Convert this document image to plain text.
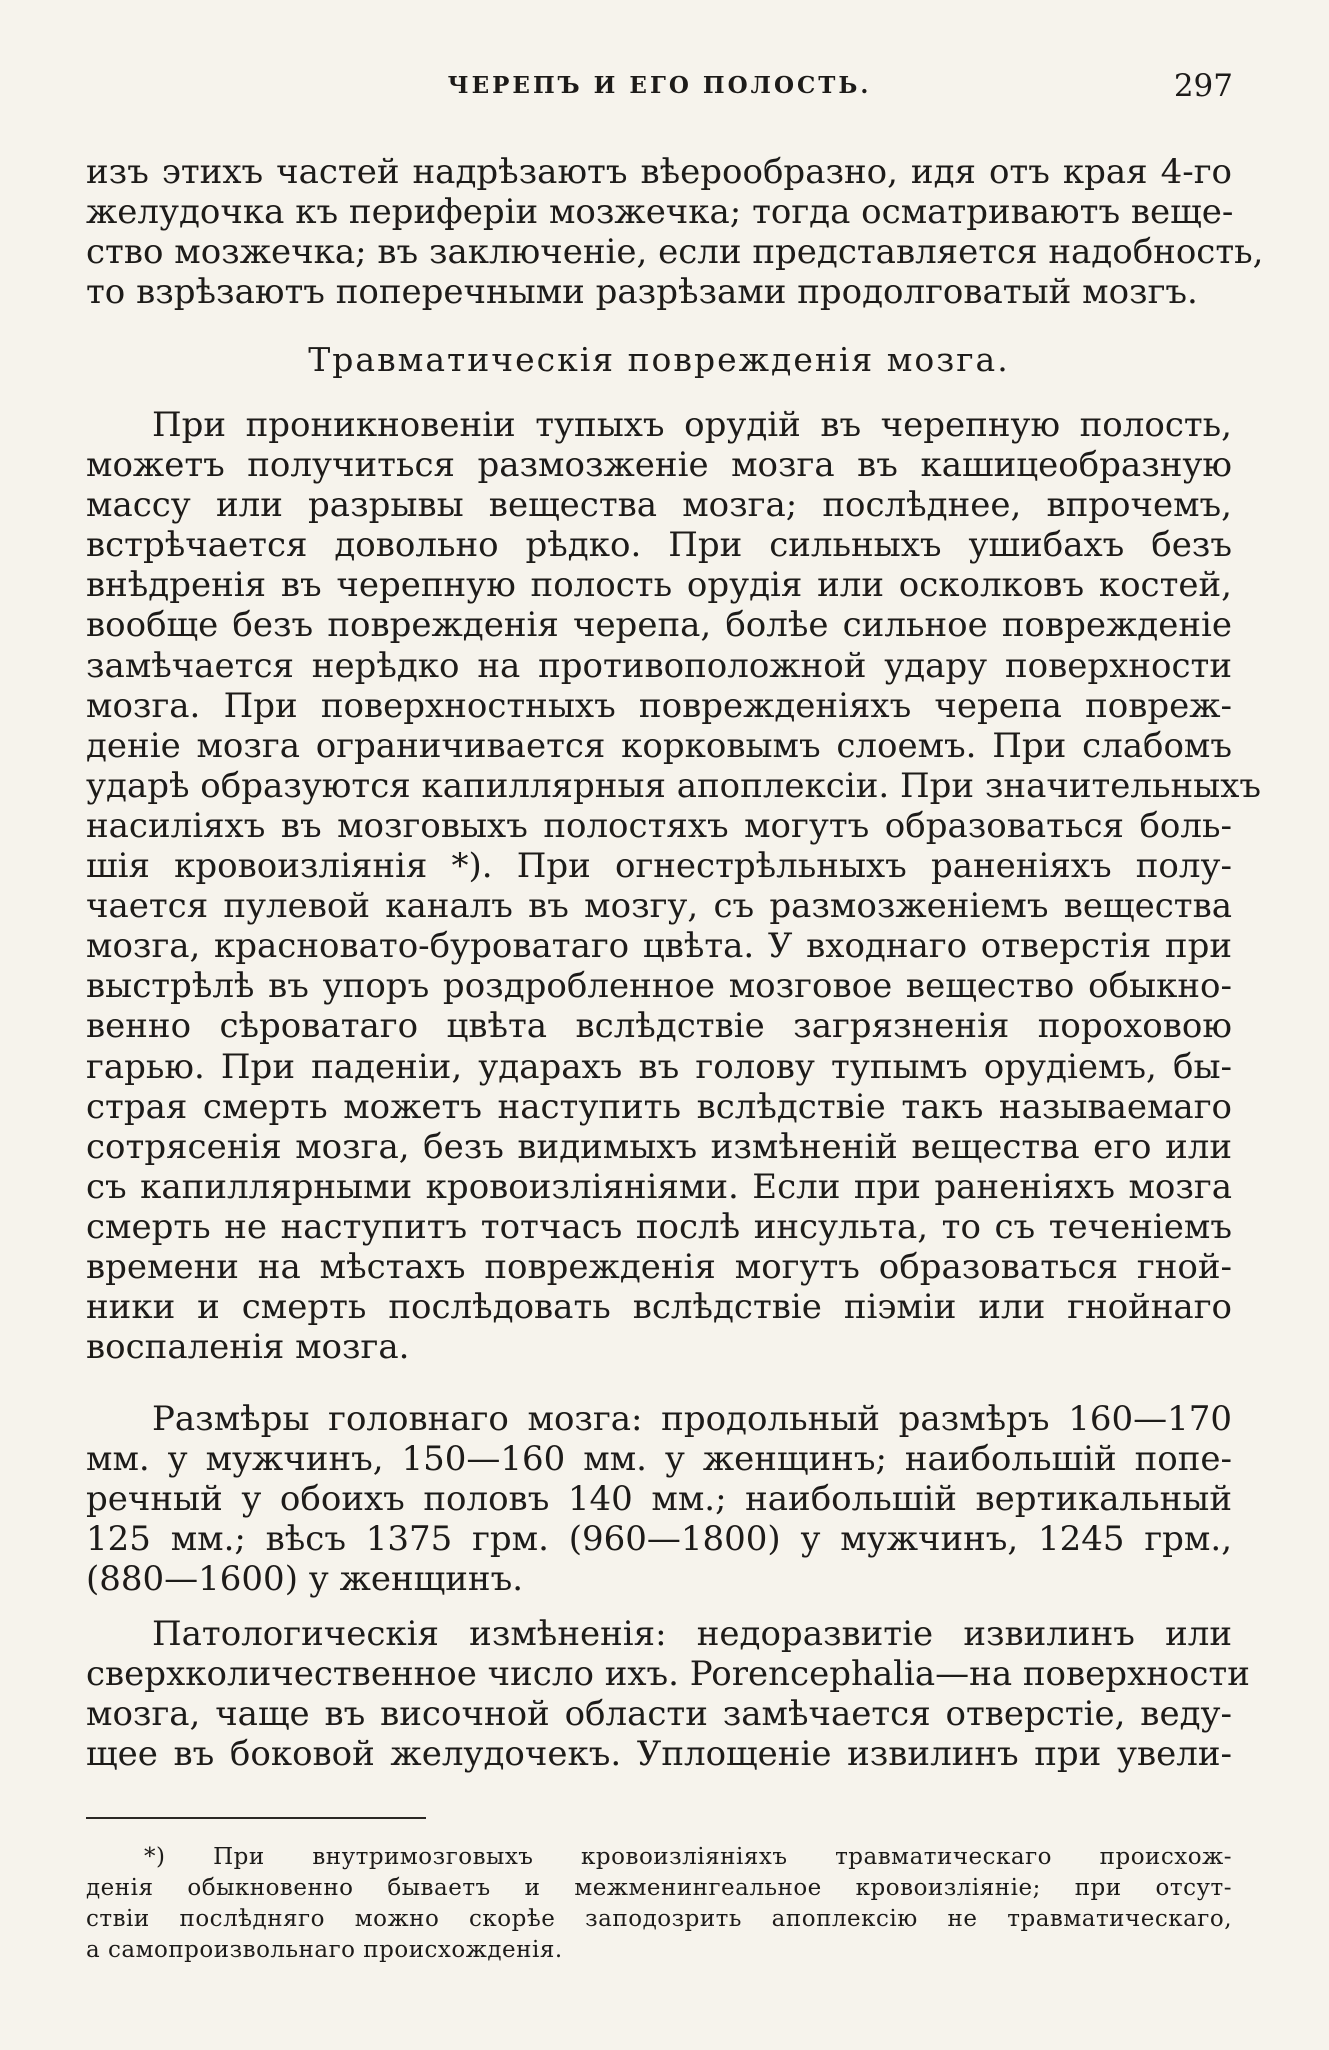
ЧЕРЕПЪ И ЕГО ПОЛОСТЬ.	297
изъ этихъ частей надрѣзаютъ вѣерообразно, идя отъ края 4-го
желудочка къ периферіи мозжечка; тогда осматриваютъ веще-
ство мозжечка; въ заключеніе, если представляется надобность,
то взрѣзаютъ поперечными разрѣзами продолговатый мозгъ.
Травматическія поврежденія мозга.
При проникновеніи тупыхъ орудій въ черепную полость,
можетъ получиться размозженіе мозга въ кашицеобразную
массу или разрывы вещества мозга; послѣднее, впрочемъ,
встрѣчается довольно рѣдко. При сильныхъ ушибахъ безъ
внѣдренія въ черепную полость орудія или осколковъ костей,
вообще безъ поврежденія черепа, болѣе сильное поврежденіе
замѣчается нерѣдко на противоположной удару поверхности
мозга. При поверхностныхъ поврежденіяхъ черепа повреж-
деніе мозга ограничивается корковымъ слоемъ. При слабомъ
ударѣ образуются капиллярныя апоплексіи. При значительныхъ
насиліяхъ въ мозговыхъ полостяхъ могутъ образоваться боль-
шія кровоизліянія *). При огнестрѣльныхъ раненіяхъ полу-
чается пулевой каналъ въ мозгу, съ размозженіемъ вещества
мозга, красновато-буроватаго цвѣта. У входнаго отверстія при
выстрѣлѣ въ упоръ роздробленное мозговое вещество обыкно-
венно сѣроватаго цвѣта вслѣдствіе загрязненія пороховою
гарью. При паденіи, ударахъ въ голову тупымъ орудіемъ, бы-
страя смерть можетъ наступить вслѣдствіе такъ называемаго
сотрясенія мозга, безъ видимыхъ измѣненій вещества его или
съ капиллярными кровоизліяніями. Если при раненіяхъ мозга
смерть не наступитъ тотчасъ послѣ инсульта, то съ теченіемъ
времени на мѣстахъ поврежденія могутъ образоваться гной-
ники и смерть послѣдовать вслѣдствіе піэміи или гнойнаго
воспаленія мозга.
Размѣры головнаго мозга: продольный размѣръ 160—170
мм. у мужчинъ, 150—160 мм. у женщинъ; наибольшій попе-
речный у обоихъ половъ 140 мм.; наибольшій вертикальный
125 мм.; вѣсъ 1375 грм. (960—1800) у мужчинъ, 1245 грм.,
(880—1600) у женщинъ.
Патологическія измѣненія: недоразвитіе извилинъ или
сверхколичественное число ихъ. Porencephalia—на поверхности
мозга, чаще въ височной области замѣчается отверстіе, веду-
щее въ боковой желудочекъ. Уплощеніе извилинъ при увели-
*) При внутримозговыхъ кровоизліяніяхъ травматическаго происхож-
денія обыкновенно бываетъ и межменингеальное кровоизліяніе; при отсут-
ствіи послѣдняго можно скорѣе заподозрить апоплексію не травматическаго,
а самопроизвольнаго происхожденія.
